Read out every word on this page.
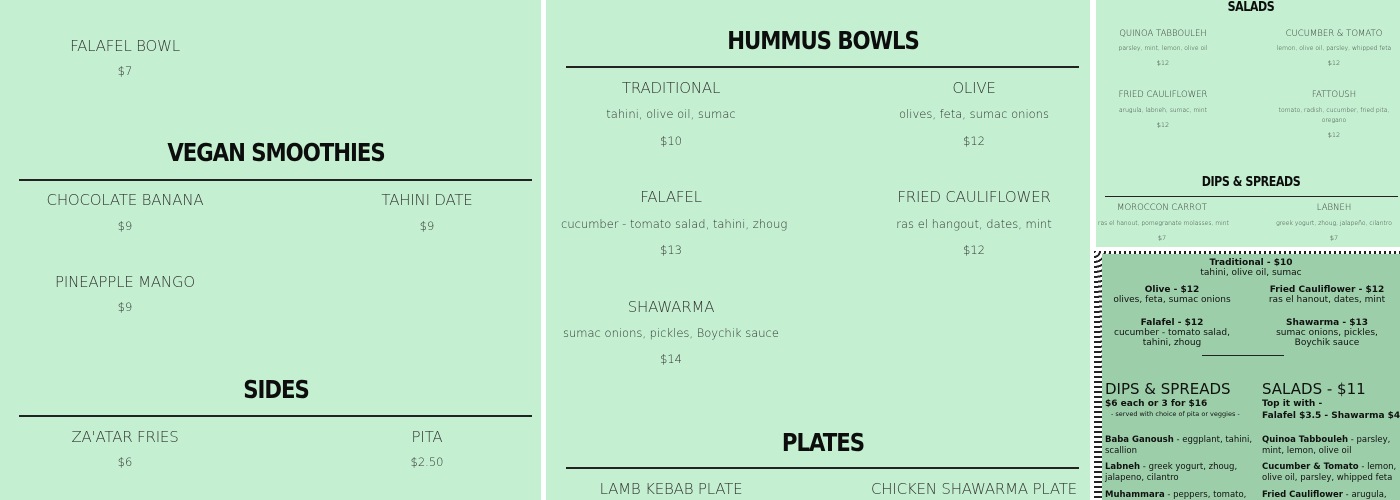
FALAFEL BOWL
$7
VEGAN SMOOTHIES
CHOCOLATE BANANA
$9
TAHINI DATE
$9
PINEAPPLE MANGO
$9
SIDES
ZA'ATAR FRIES
$6
PITA
$2.50
HUMMUS BOWLS
TRADITIONAL
tahini, olive oil, sumac
$10
OLIVE
olives, feta, sumac onions
$12
FALAFEL
cucumber - tomato salad, tahini, zhoug
$13
FRIED CAULIFLOWER
ras el hangout, dates, mint
$12
SHAWARMA
sumac onions, pickles, Boychik sauce
$14
PLATES
LAMB KEBAB PLATE	CHICKEN SHAWARMA PLATE
SALADS
QUINOA TABBOULEH
parsley, mint, lemon, olive oil
$12
CUCUMBER & TOMATO
lemon, olive oil, parsley, whipped feta
$12
FRIED CAULIFLOWER
arugula, labneh, sumac, mint
$12
FATTOUSH
tomato, radish, cucumber, fried pita,
oregano
$12
DIPS & SPREADS
MOROCCON CARROT
ras el hanout, pomegranate molasses, mint
$7
LABNEH
greek yogurt, zhoug, jalapeño, cilantro
$7
Traditional - $10
tahini, olive oil, sumac
Olive - $12
olives, feta, sumac onions
Fried Cauliflower - $12
ras el hanout, dates, mint
Falafel - $12
cucumber - tomato salad,
tahini, zhoug
Shawarma - $13
sumac onions, pickles,
Boychik sauce
DIPS & SPREADS
$6 each or 3 for $16
- served with choice of pita or veggies -
Baba Ganoush - eggplant, tahini,
scallion
Labneh - greek yogurt, zhoug,
jalapeno, cilantro
Muhammara - peppers, tomato,
SALADS - $11
Top it with -
Falafel $3.5 - Shawarma $4
Quinoa Tabbouleh - parsley,
mint, lemon, olive oil
Cucumber & Tomato - lemon,
olive oil, parsley, whipped feta
Fried Cauliflower - arugula,
